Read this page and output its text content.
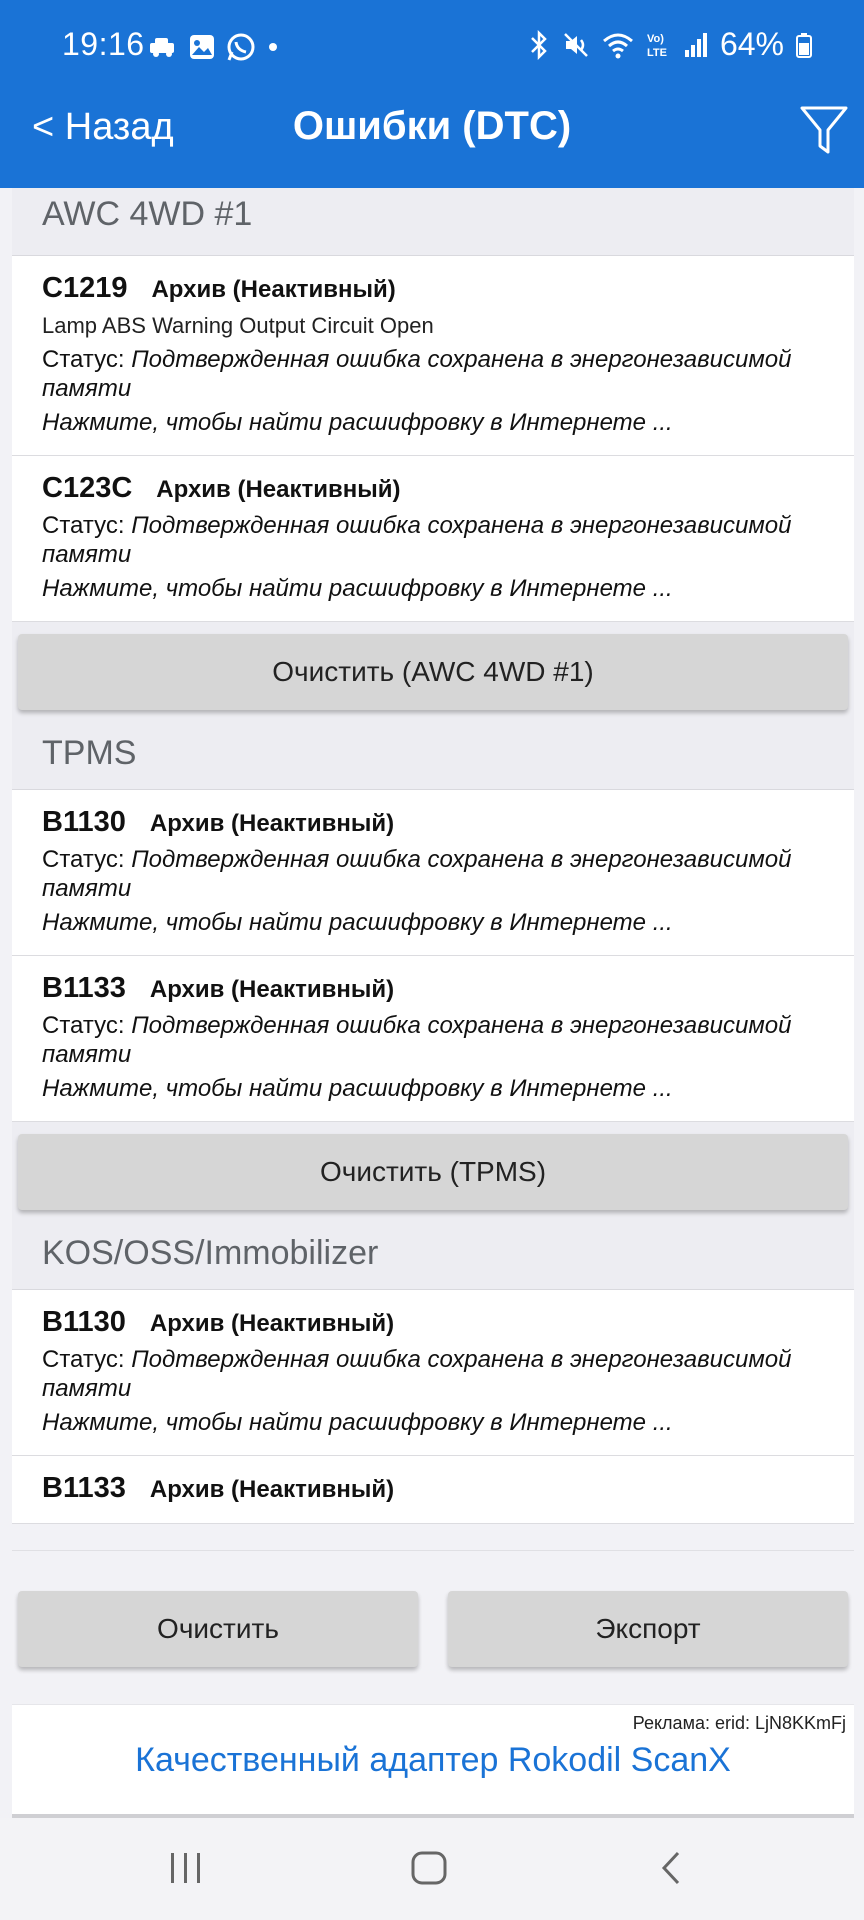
19:16	Vo)
LTE 64%
< Назад	Ошибки (DTC)
AWC 4WD #1
C1219 Архив (Неактивный)
Lamp ABS Warning Output Circuit Open
Статус: Подтвержденная ошибка сохранена в энергонезависимой памяти
Нажмите, чтобы найти расшифровку в Интернете ...
C123C Архив (Неактивный)
Статус: Подтвержденная ошибка сохранена в энергонезависимой памяти
Нажмите, чтобы найти расшифровку в Интернете ...
Очистить (AWC 4WD #1)
TPMS
B1130 Архив (Неактивный)
Статус: Подтвержденная ошибка сохранена в энергонезависимой памяти
Нажмите, чтобы найти расшифровку в Интернете ...
B1133 Архив (Неактивный)
Статус: Подтвержденная ошибка сохранена в энергонезависимой памяти
Нажмите, чтобы найти расшифровку в Интернете ...
Очистить (TPMS)
KOS/OSS/Immobilizer
B1130 Архив (Неактивный)
Статус: Подтвержденная ошибка сохранена в энергонезависимой памяти
Нажмите, чтобы найти расшифровку в Интернете ...
B1133 Архив (Неактивный)
Очистить	Экспорт
Реклама: erid: LjN8KKmFj
Качественный адаптер Rokodil ScanX
